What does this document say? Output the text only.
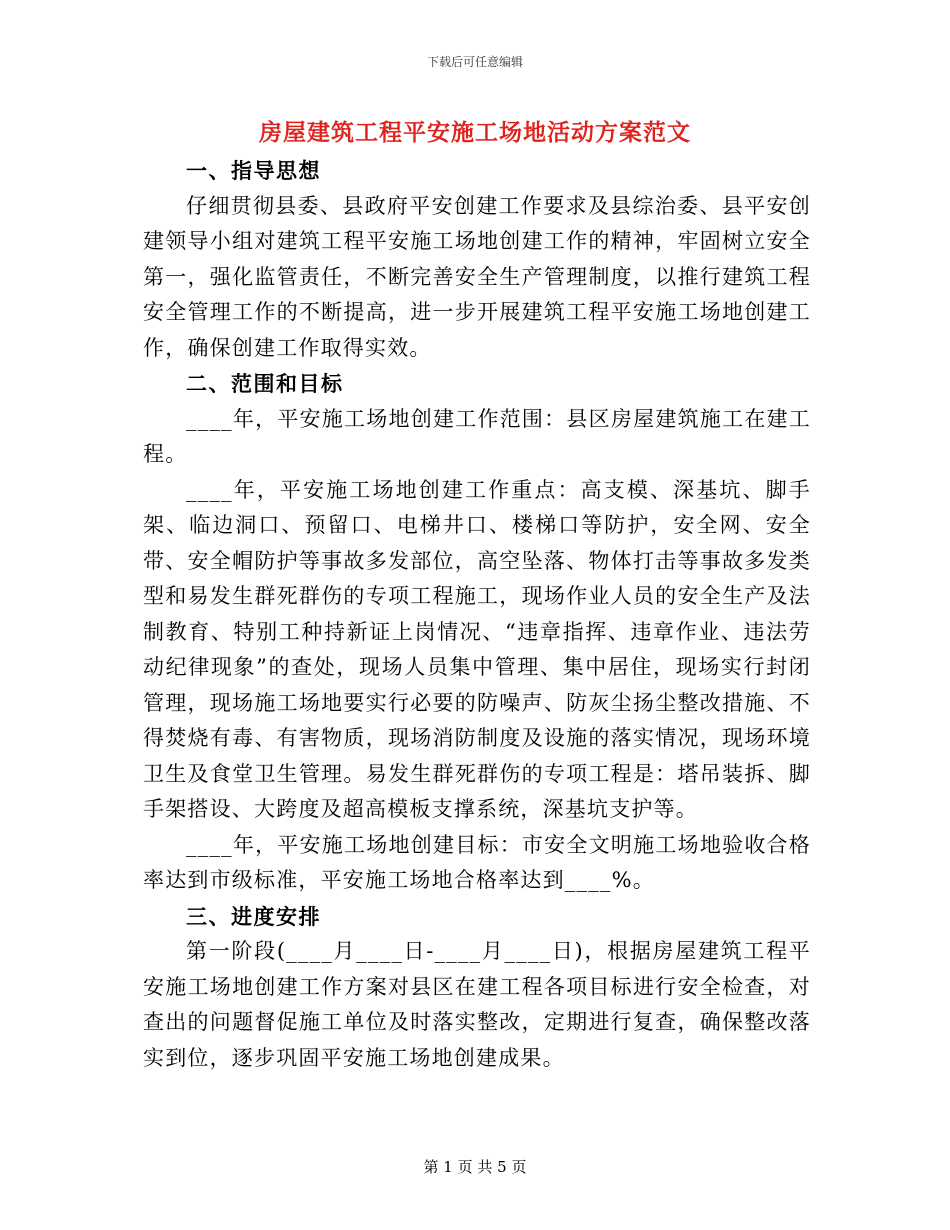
下载后可任意编辑
房屋建筑工程平安施工场地活动方案范文

一、指导思想

仔细贯彻县委、县政府平安创建工作要求及县综治委、县平安创建领导小组对建筑工程平安施工场地创建工作的精神，牢固树立安全第一，强化监管责任，不断完善安全生产管理制度，以推行建筑工程安全管理工作的不断提高，进一步开展建筑工程平安施工场地创建工作，确保创建工作取得实效。

二、范围和目标

____年，平安施工场地创建工作范围：县区房屋建筑施工在建工程。

____年，平安施工场地创建工作重点：高支模、深基坑、脚手架、临边洞口、预留口、电梯井口、楼梯口等防护，安全网、安全带、安全帽防护等事故多发部位，高空坠落、物体打击等事故多发类型和易发生群死群伤的专项工程施工，现场作业人员的安全生产及法制教育、特别工种持新证上岗情况、“违章指挥、违章作业、违法劳动纪律现象”的查处，现场人员集中管理、集中居住，现场实行封闭管理，现场施工场地要实行必要的防噪声、防灰尘扬尘整改措施、不得焚烧有毒、有害物质，现场消防制度及设施的落实情况，现场环境卫生及食堂卫生管理。易发生群死群伤的专项工程是：塔吊装拆、脚手架搭设、大跨度及超高模板支撑系统，深基坑支护等。

____年，平安施工场地创建目标：市安全文明施工场地验收合格率达到市级标准，平安施工场地合格率达到____%。

三、进度安排

第一阶段(____月____日-____月____日)，根据房屋建筑工程平安施工场地创建工作方案对县区在建工程各项目标进行安全检查，对查出的问题督促施工单位及时落实整改，定期进行复查，确保整改落实到位，逐步巩固平安施工场地创建成果。

第 1 页 共 5 页
